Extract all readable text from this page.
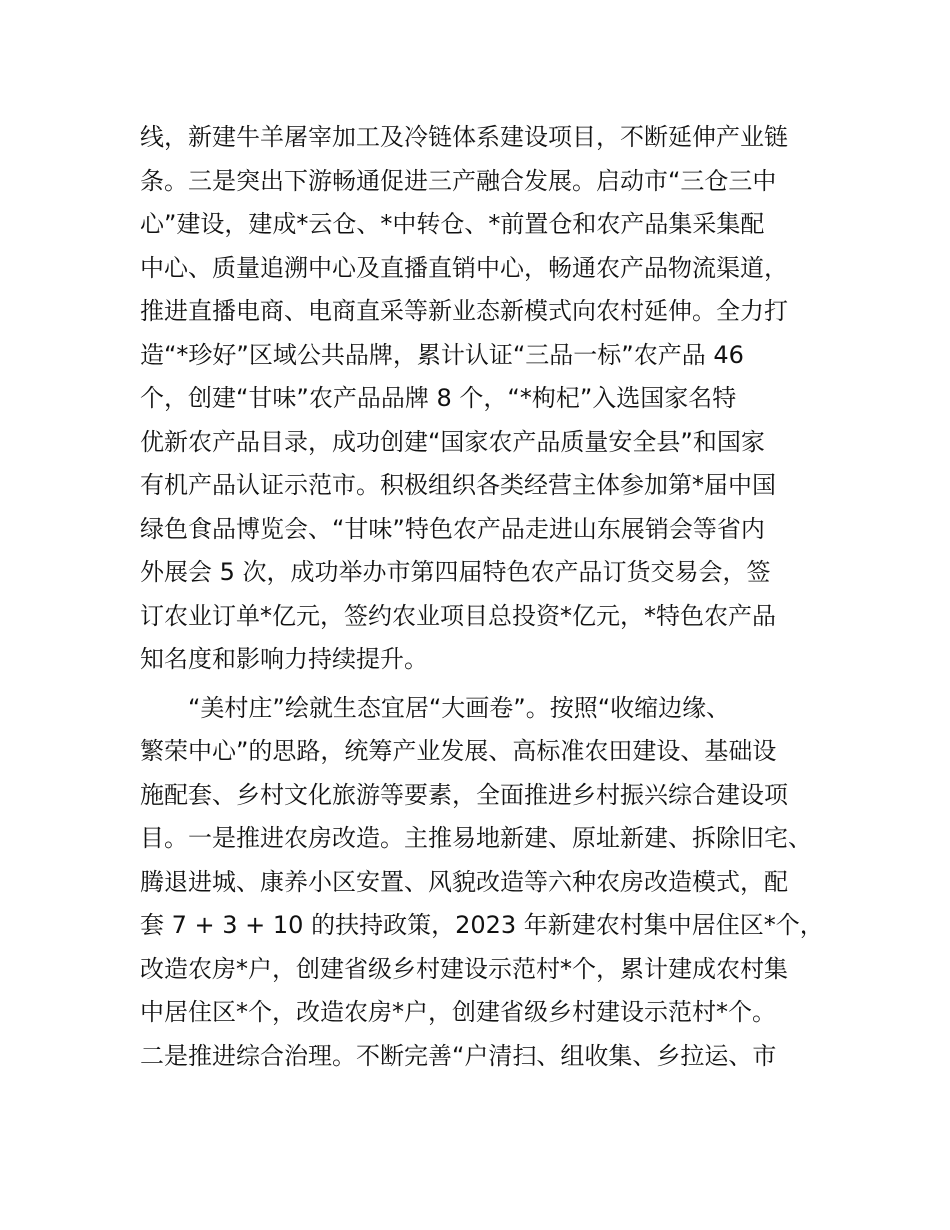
线，新建牛羊屠宰加工及冷链体系建设项目，不断延伸产业链
条。三是突出下游畅通促进三产融合发展。启动市“三仓三中
心”建设，建成*云仓、*中转仓、*前置仓和农产品集采集配
中心、质量追溯中心及直播直销中心，畅通农产品物流渠道，
推进直播电商、电商直采等新业态新模式向农村延伸。全力打
造“*珍好”区域公共品牌，累计认证“三品一标”农产品 46
个，创建“甘味”农产品品牌 8 个，“*枸杞”入选国家名特
优新农产品目录，成功创建“国家农产品质量安全县”和国家
有机产品认证示范市。积极组织各类经营主体参加第*届中国
绿色食品博览会、“甘味”特色农产品走进山东展销会等省内
外展会 5 次，成功举办市第四届特色农产品订货交易会，签
订农业订单*亿元，签约农业项目总投资*亿元，*特色农产品
知名度和影响力持续提升。
“美村庄”绘就生态宜居“大画卷”。按照“收缩边缘、
繁荣中心”的思路，统筹产业发展、高标准农田建设、基础设
施配套、乡村文化旅游等要素，全面推进乡村振兴综合建设项
目。一是推进农房改造。主推易地新建、原址新建、拆除旧宅、
腾退进城、康养小区安置、风貌改造等六种农房改造模式，配
套 7 + 3 + 10 的扶持政策，2023 年新建农村集中居住区*个，
改造农房*户，创建省级乡村建设示范村*个，累计建成农村集
中居住区*个，改造农房*户，创建省级乡村建设示范村*个。
二是推进综合治理。不断完善“户清扫、组收集、乡拉运、市
